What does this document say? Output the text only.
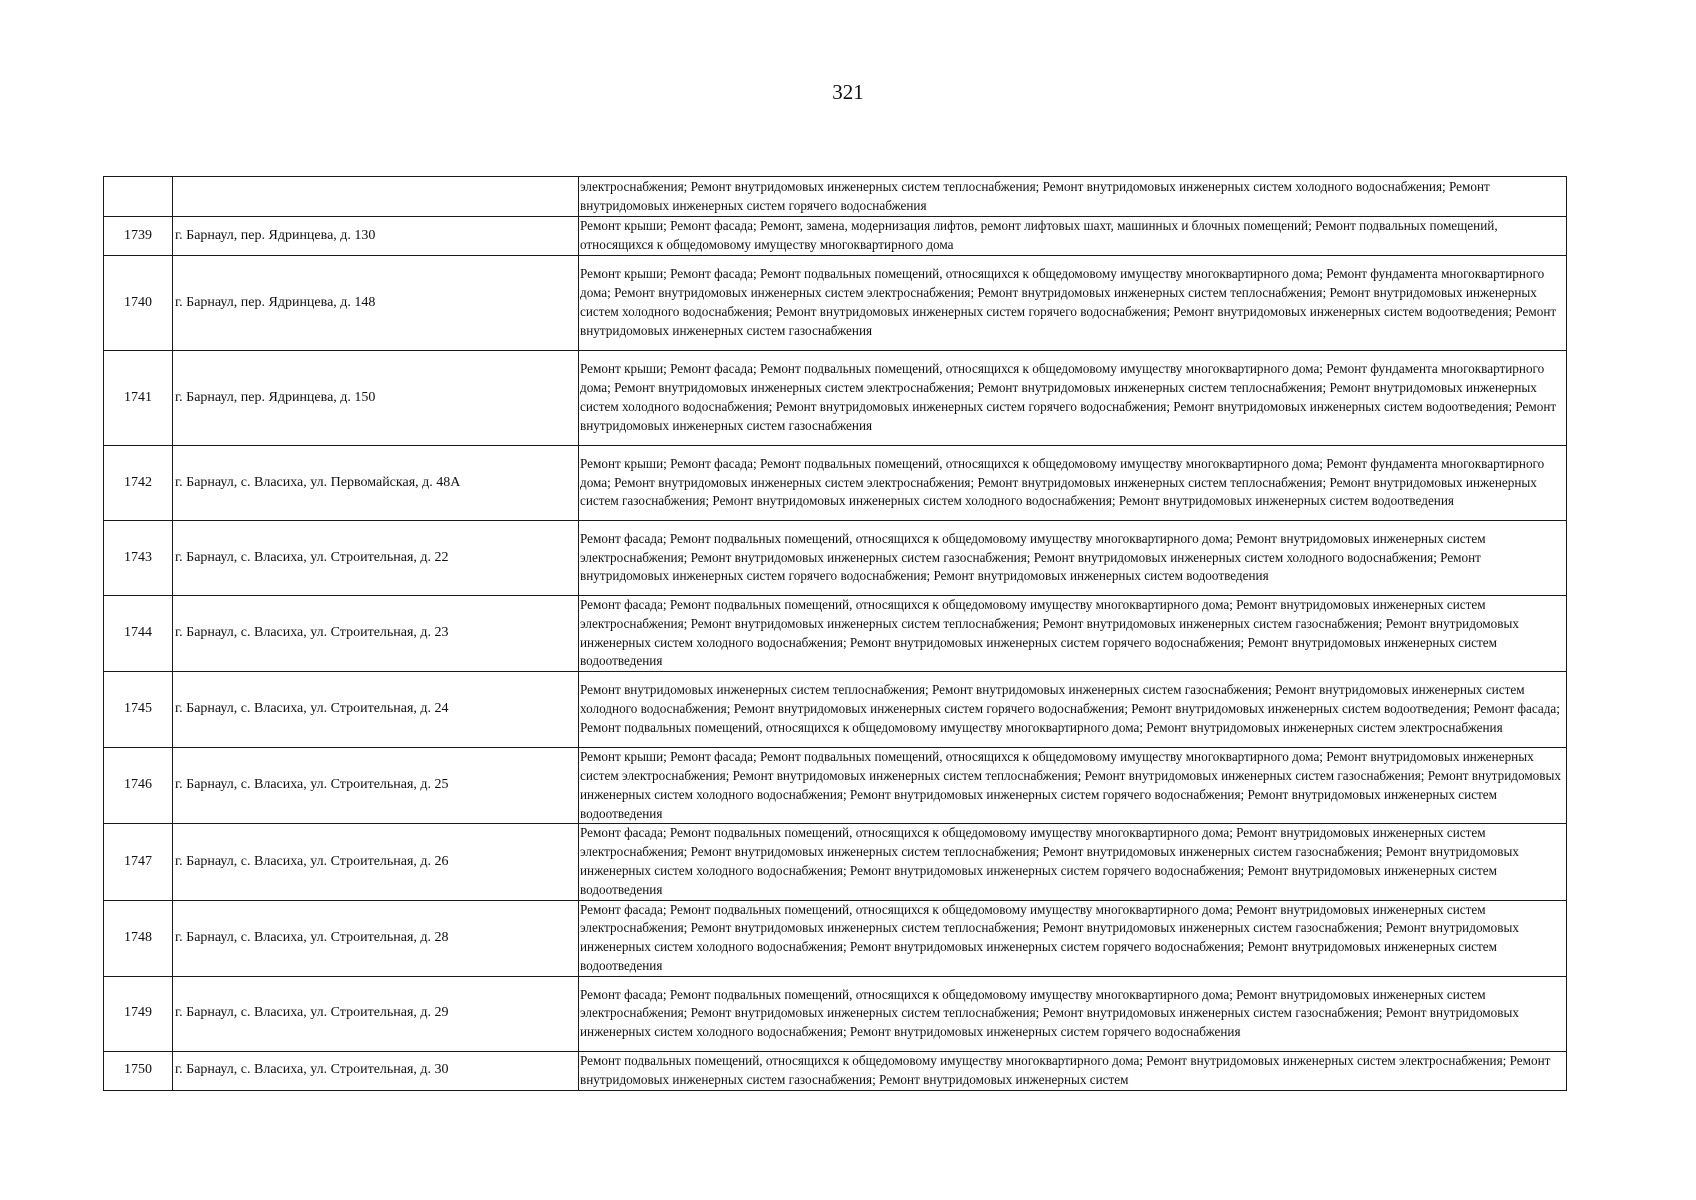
321

		электроснабжения; Ремонт внутридомовых инженерных систем теплоснабжения; Ремонт внутридомовых инженерных систем холодного водоснабжения; Ремонт внутридомовых инженерных систем горячего водоснабжения

1739	г. Барнаул, пер. Ядринцева, д. 130	Ремонт крыши; Ремонт фасада; Ремонт, замена, модернизация лифтов, ремонт лифтовых шахт, машинных и блочных помещений; Ремонт подвальных помещений, относящихся к общедомовому имуществу многоквартирного дома

1740	г. Барнаул, пер. Ядринцева, д. 148	Ремонт крыши; Ремонт фасада; Ремонт подвальных помещений, относящихся к общедомовому имуществу многоквартирного дома; Ремонт фундамента многоквартирного дома; Ремонт внутридомовых инженерных систем электроснабжения; Ремонт внутридомовых инженерных систем теплоснабжения; Ремонт внутридомовых инженерных систем холодного водоснабжения; Ремонт внутридомовых инженерных систем горячего водоснабжения; Ремонт внутридомовых инженерных систем водоотведения; Ремонт внутридомовых инженерных систем газоснабжения

1741	г. Барнаул, пер. Ядринцева, д. 150	Ремонт крыши; Ремонт фасада; Ремонт подвальных помещений, относящихся к общедомовому имуществу многоквартирного дома; Ремонт фундамента многоквартирного дома; Ремонт внутридомовых инженерных систем электроснабжения; Ремонт внутридомовых инженерных систем теплоснабжения; Ремонт внутридомовых инженерных систем холодного водоснабжения; Ремонт внутридомовых инженерных систем горячего водоснабжения; Ремонт внутридомовых инженерных систем водоотведения; Ремонт внутридомовых инженерных систем газоснабжения

1742	г. Барнаул, с. Власиха, ул. Первомайская, д. 48А	Ремонт крыши; Ремонт фасада; Ремонт подвальных помещений, относящихся к общедомовому имуществу многоквартирного дома; Ремонт фундамента многоквартирного дома; Ремонт внутридомовых инженерных систем электроснабжения; Ремонт внутридомовых инженерных систем теплоснабжения; Ремонт внутридомовых инженерных систем газоснабжения; Ремонт внутридомовых инженерных систем холодного водоснабжения; Ремонт внутридомовых инженерных систем водоотведения

1743	г. Барнаул, с. Власиха, ул. Строительная, д. 22	Ремонт фасада; Ремонт подвальных помещений, относящихся к общедомовому имуществу многоквартирного дома; Ремонт внутридомовых инженерных систем электроснабжения; Ремонт внутридомовых инженерных систем газоснабжения; Ремонт внутридомовых инженерных систем холодного водоснабжения; Ремонт внутридомовых инженерных систем горячего водоснабжения; Ремонт внутридомовых инженерных систем водоотведения

1744	г. Барнаул, с. Власиха, ул. Строительная, д. 23	Ремонт фасада; Ремонт подвальных помещений, относящихся к общедомовому имуществу многоквартирного дома; Ремонт внутридомовых инженерных систем электроснабжения; Ремонт внутридомовых инженерных систем теплоснабжения; Ремонт внутридомовых инженерных систем газоснабжения; Ремонт внутридомовых инженерных систем холодного водоснабжения; Ремонт внутридомовых инженерных систем горячего водоснабжения; Ремонт внутридомовых инженерных систем водоотведения

1745	г. Барнаул, с. Власиха, ул. Строительная, д. 24	Ремонт внутридомовых инженерных систем теплоснабжения; Ремонт внутридомовых инженерных систем газоснабжения; Ремонт внутридомовых инженерных систем холодного водоснабжения; Ремонт внутридомовых инженерных систем горячего водоснабжения; Ремонт внутридомовых инженерных систем водоотведения; Ремонт фасада; Ремонт подвальных помещений, относящихся к общедомовому имуществу многоквартирного дома; Ремонт внутридомовых инженерных систем электроснабжения

1746	г. Барнаул, с. Власиха, ул. Строительная, д. 25	Ремонт крыши; Ремонт фасада; Ремонт подвальных помещений, относящихся к общедомовому имуществу многоквартирного дома; Ремонт внутридомовых инженерных систем электроснабжения; Ремонт внутридомовых инженерных систем теплоснабжения; Ремонт внутридомовых инженерных систем газоснабжения; Ремонт внутридомовых инженерных систем холодного водоснабжения; Ремонт внутридомовых инженерных систем горячего водоснабжения; Ремонт внутридомовых инженерных систем водоотведения

1747	г. Барнаул, с. Власиха, ул. Строительная, д. 26	Ремонт фасада; Ремонт подвальных помещений, относящихся к общедомовому имуществу многоквартирного дома; Ремонт внутридомовых инженерных систем электроснабжения; Ремонт внутридомовых инженерных систем теплоснабжения; Ремонт внутридомовых инженерных систем газоснабжения; Ремонт внутридомовых инженерных систем холодного водоснабжения; Ремонт внутридомовых инженерных систем горячего водоснабжения; Ремонт внутридомовых инженерных систем водоотведения

1748	г. Барнаул, с. Власиха, ул. Строительная, д. 28	Ремонт фасада; Ремонт подвальных помещений, относящихся к общедомовому имуществу многоквартирного дома; Ремонт внутридомовых инженерных систем электроснабжения; Ремонт внутридомовых инженерных систем теплоснабжения; Ремонт внутридомовых инженерных систем газоснабжения; Ремонт внутридомовых инженерных систем холодного водоснабжения; Ремонт внутридомовых инженерных систем горячего водоснабжения; Ремонт внутридомовых инженерных систем водоотведения

1749	г. Барнаул, с. Власиха, ул. Строительная, д. 29	Ремонт фасада; Ремонт подвальных помещений, относящихся к общедомовому имуществу многоквартирного дома; Ремонт внутридомовых инженерных систем электроснабжения; Ремонт внутридомовых инженерных систем теплоснабжения; Ремонт внутридомовых инженерных систем газоснабжения; Ремонт внутридомовых инженерных систем холодного водоснабжения; Ремонт внутридомовых инженерных систем горячего водоснабжения

1750	г. Барнаул, с. Власиха, ул. Строительная, д. 30	Ремонт подвальных помещений, относящихся к общедомовому имуществу многоквартирного дома; Ремонт внутридомовых инженерных систем электроснабжения; Ремонт внутридомовых инженерных систем газоснабжения; Ремонт внутридомовых инженерных систем
